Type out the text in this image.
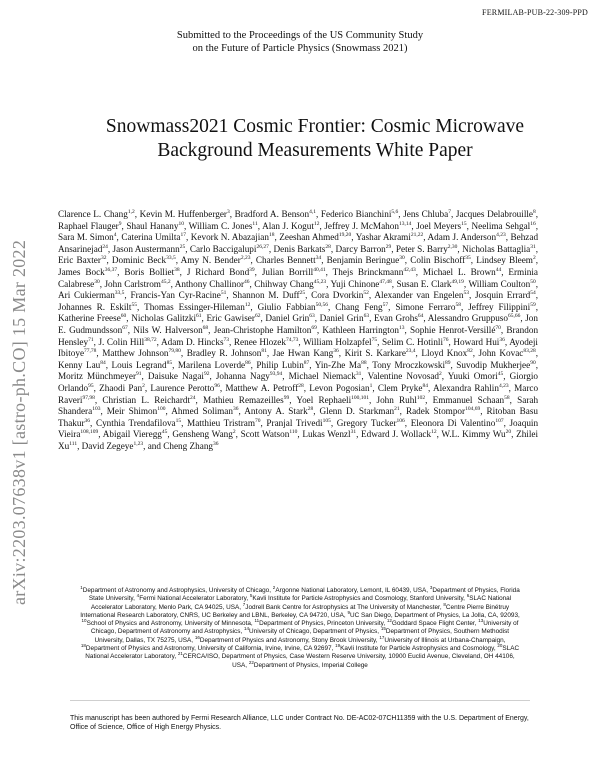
FERMILAB-PUB-22-309-PPD
Submitted to the Proceedings of the US Community Study
on the Future of Particle Physics (Snowmass 2021)
arXiv:2203.07638v1 [astro-ph.CO] 15 Mar 2022
Snowmass2021 Cosmic Frontier: Cosmic Microwave Background Measurements White Paper
Clarence L. Chang$^{1,2}$, Kevin M. Huffenberger$^3$, Bradford A. Benson$^{4,1}$, Federico Bianchini$^{5,6}$, Jens Chluba$^7$, Jacques Delabrouille$^8$, Raphael Flauger$^9$, Shaul Hanany$^{10}$, William C. Jones$^{11}$, Alan J. Kogut$^{12}$, Jeffrey J. McMahon$^{13,14}$, Joel Meyers$^{15}$, Neelima Sehgal$^{16}$, Sara M. Simon$^4$, Caterina Umilta$^{17}$, Kevork N. Abazajian$^{18}$, Zeeshan Ahmed$^{19,20}$, Yashar Akrami$^{21,22}$, Adam J. Anderson$^{4,23}$, Behzad Ansarinejad$^{24}$, Jason Austermann$^{25}$, Carlo Baccigalupi$^{26,27}$, Denis Barkats$^{28}$, Darcy Barron$^{29}$, Peter S. Barry$^{2,30}$, Nicholas Battaglia$^{31}$, Eric Baxter$^{32}$, Dominic Beck$^{33,5}$, Amy N. Bender$^{2,23}$, Charles Bennett$^{34}$, Benjamin Beringue$^{30}$, Colin Bischoff$^{35}$, Lindsey Bleem$^2$, James Bock$^{36,37}$, Boris Bolliet$^{38}$, J Richard Bond$^{39}$, Julian Borrill$^{40,41}$, Thejs Brinckmann$^{42,43}$, Michael L. Brown$^{44}$, Erminia Calabrese$^{30}$, John Carlstrom$^{45,2}$, Anthony Challinor$^{46}$, Chihway Chang$^{45,23}$, Yuji Chinone$^{47,48}$, Susan E. Clark$^{49,19}$, William Coulton$^{50}$, Ari Cukierman$^{33,5}$, Francis-Yan Cyr-Racine$^{51}$, Shannon M. Duff$^{25}$, Cora Dvorkin$^{52}$, Alexander van Engelen$^{53}$, Josquin Errard$^{54}$, Johannes R. Eskilt$^{55}$, Thomas Essinger-Hileman$^{12}$, Giulio Fabbian$^{50,56}$, Chang Feng$^{57}$, Simone Ferraro$^{58}$, Jeffrey Filippini$^{59}$, Katherine Freese$^{60}$, Nicholas Galitzki$^{61}$, Eric Gawiser$^{62}$, Daniel Grin$^{63}$, Daniel Grin$^{63}$, Evan Grohs$^{64}$, Alessandro Gruppuso$^{65,66}$, Jon E. Gudmundsson$^{67}$, Nils W. Halverson$^{68}$, Jean-Christophe Hamilton$^{69}$, Kathleen Harrington$^{13}$, Sophie Henrot-Versillé$^{70}$, Brandon Hensley$^{71}$, J. Colin Hill$^{38,72}$, Adam D. Hincks$^{73}$, Renee Hlozek$^{74,73}$, William Holzapfel$^{75}$, Selim C. Hotinli$^{76}$, Howard Hui$^{36}$, Ayodeji Ibitoye$^{77,78}$, Matthew Johnson$^{79,80}$, Bradley R. Johnson$^{81}$, Jae Hwan Kang$^{36}$, Kirit S. Karkare$^{23,4}$, Lloyd Knox$^{82}$, John Kovac$^{83,28}$, Kenny Lau$^{84}$, Louis Legrand$^{85}$, Marilena Loverde$^{86}$, Philip Lubin$^{87}$, Yin-Zhe Ma$^{88}$, Tony Mroczkowski$^{89}$, Suvodip Mukherjee$^{90}$, Moritz Münchmeyer$^{91}$, Daisuke Nagai$^{92}$, Johanna Nagy$^{93,94}$, Michael Niemack$^{31}$, Valentine Novosad$^2$, Yuuki Omori$^{45}$, Giorgio Orlando$^{95}$, Zhaodi Pan$^2$, Laurence Perotto$^{96}$, Matthew A. Petroff$^{28}$, Levon Pogosian$^1$, Clem Pryke$^{84}$, Alexandra Rahlin$^{4,23}$, Marco Raveri$^{97,98}$, Christian L. Reichardt$^{24}$, Mathieu Remazeilles$^{99}$, Yoel Rephaeli$^{100,101}$, John Ruhl$^{102}$, Emmanuel Schaan$^{58}$, Sarah Shandera$^{103}$, Meir Shimon$^{100}$, Ahmed Soliman$^{36}$, Antony A. Stark$^{28}$, Glenn D. Starkman$^{21}$, Radek Stompor$^{104,69}$, Ritoban Basu Thakur$^{36}$, Cynthia Trendafilova$^{15}$, Matthieu Tristram$^{70}$, Pranjal Trivedi$^{105}$, Gregory Tucker$^{106}$, Eleonora Di Valentino$^{107}$, Joaquin Vieira$^{108,109}$, Abigail Vieregg$^{45}$, Gensheng Wang$^2$, Scott Watson$^{110}$, Lukas Wenzl$^{31}$, Edward J. Wollack$^{12}$, W.L. Kimmy Wu$^{20}$, Zhilei Xu$^{111}$, David Zegeye$^{1,23}$, and Cheng Zhang$^{36}$
$^1$Department of Astronomy and Astrophysics, University of Chicago, $^2$Argonne National Laboratory, Lemont, IL 60439, USA, $^3$Department of Physics, Florida State University, $^4$Fermi National Accelerator Laboratory, $^5$Kavli Institute for Particle Astrophysics and Cosmology, Stanford University, $^6$SLAC National Accelerator Laboratory, Menlo Park, CA 94025, USA, $^7$Jodrell Bank Centre for Astrophysics at The University of Manchester, $^8$Centre Pierre Binétruy International Research Laboratory, CNRS, UC Berkeley and LBNL, Berkeley, CA 94720, USA, $^9$UC San Diego, Department of Physics, La Jolla, CA, 92093, $^{10}$School of Physics and Astronomy, University of Minnesota, $^{11}$Department of Physics, Princeton University, $^{12}$Goddard Space Flight Center, $^{13}$University of Chicago, Department of Astronomy and Astrophysics, $^{14}$University of Chicago, Department of Physics, $^{15}$Department of Physics, Southern Methodist University, Dallas, TX 75275, USA, $^{16}$Department of Physics and Astronomy, Stony Brook University, $^{17}$University of Illinois at Urbana-Champaign, $^{18}$Department of Physics and Astronomy, University of California, Irvine, Irvine, CA 92697, $^{19}$Kavli Institute for Particle Astrophysics and Cosmology, $^{20}$SLAC National Accelerator Laboratory, $^{21}$CERCA/ISO, Department of Physics, Case Western Reserve University, 10900 Euclid Avenue, Cleveland, OH 44106, USA, $^{22}$Department of Physics, Imperial College
This manuscript has been authored by Fermi Research Alliance, LLC under Contract No. DE-AC02-07CH11359 with the U.S. Department of Energy, Office of Science, Office of High Energy Physics.
